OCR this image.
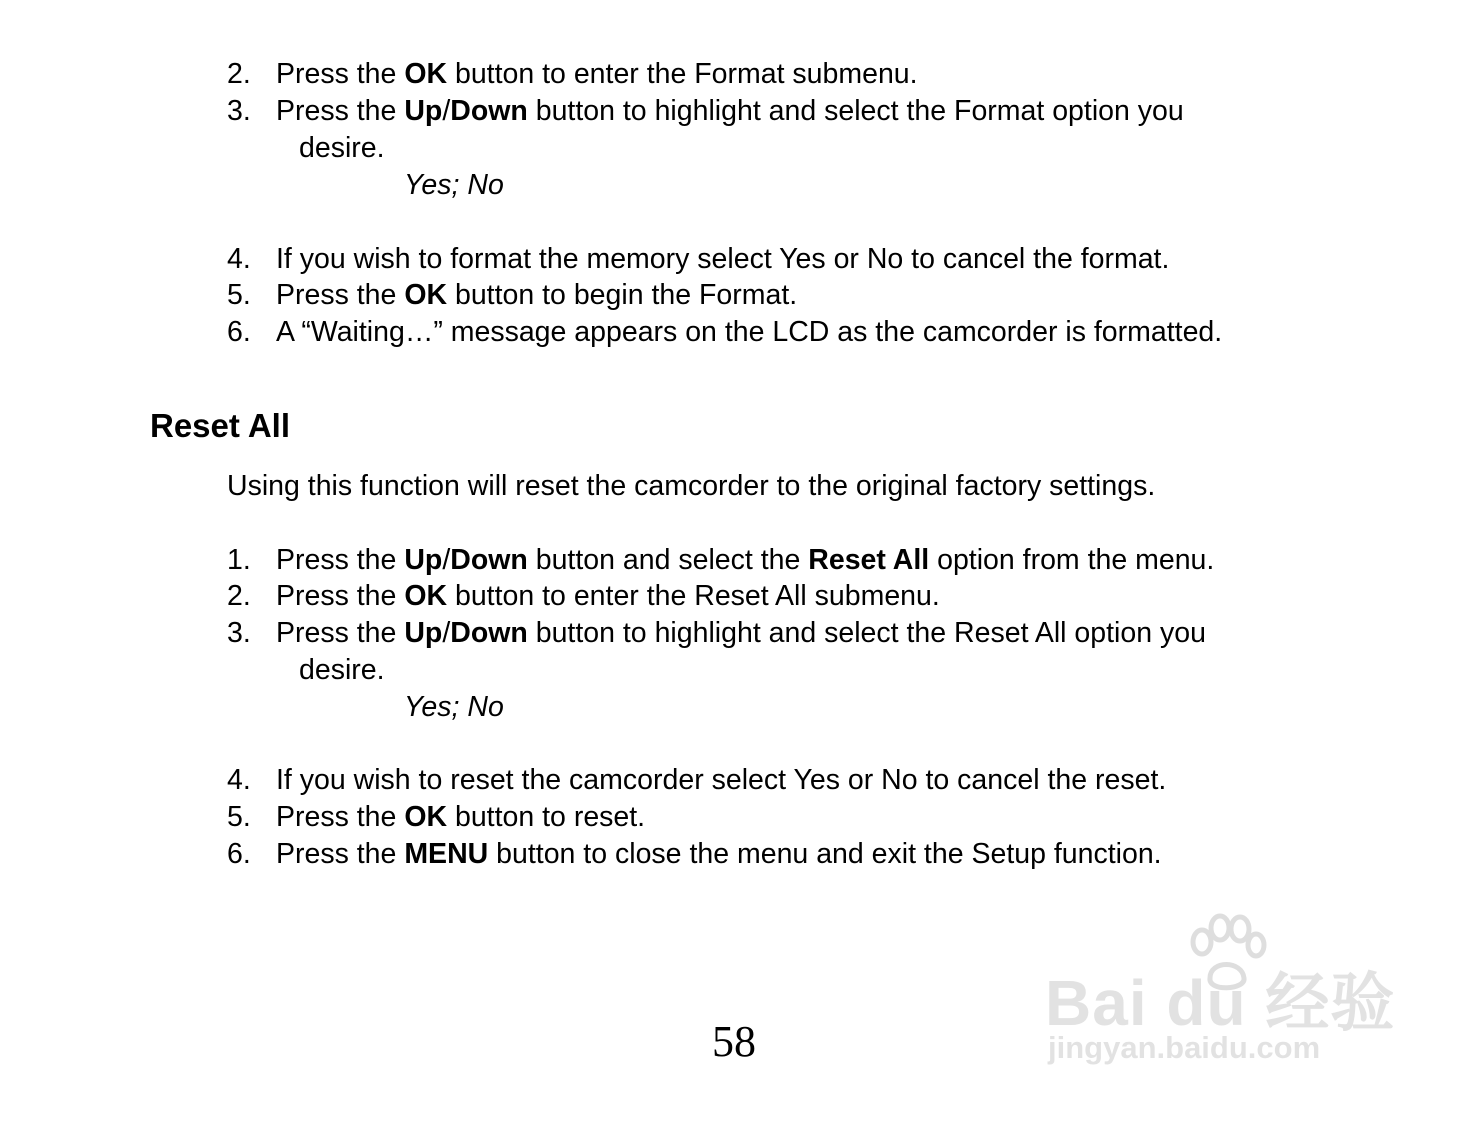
2. Press the OK button to enter the Format submenu.
3. Press the Up/Down button to highlight and select the Format option you
desire.
Yes; No
4. If you wish to format the memory select Yes or No to cancel the format.
5. Press the OK button to begin the Format.
6. A “Waiting…” message appears on the LCD as the camcorder is formatted.
Reset All
Using this function will reset the camcorder to the original factory settings.
1. Press the Up/Down button and select the Reset All option from the menu.
2. Press the OK button to enter the Reset All submenu.
3. Press the Up/Down button to highlight and select the Reset All option you
desire.
Yes; No
4. If you wish to reset the camcorder select Yes or No to cancel the reset.
5. Press the OK button to reset.
6. Press the MENU button to close the menu and exit the Setup function.
58
Bai du 经验
jingyan.baidu.com
